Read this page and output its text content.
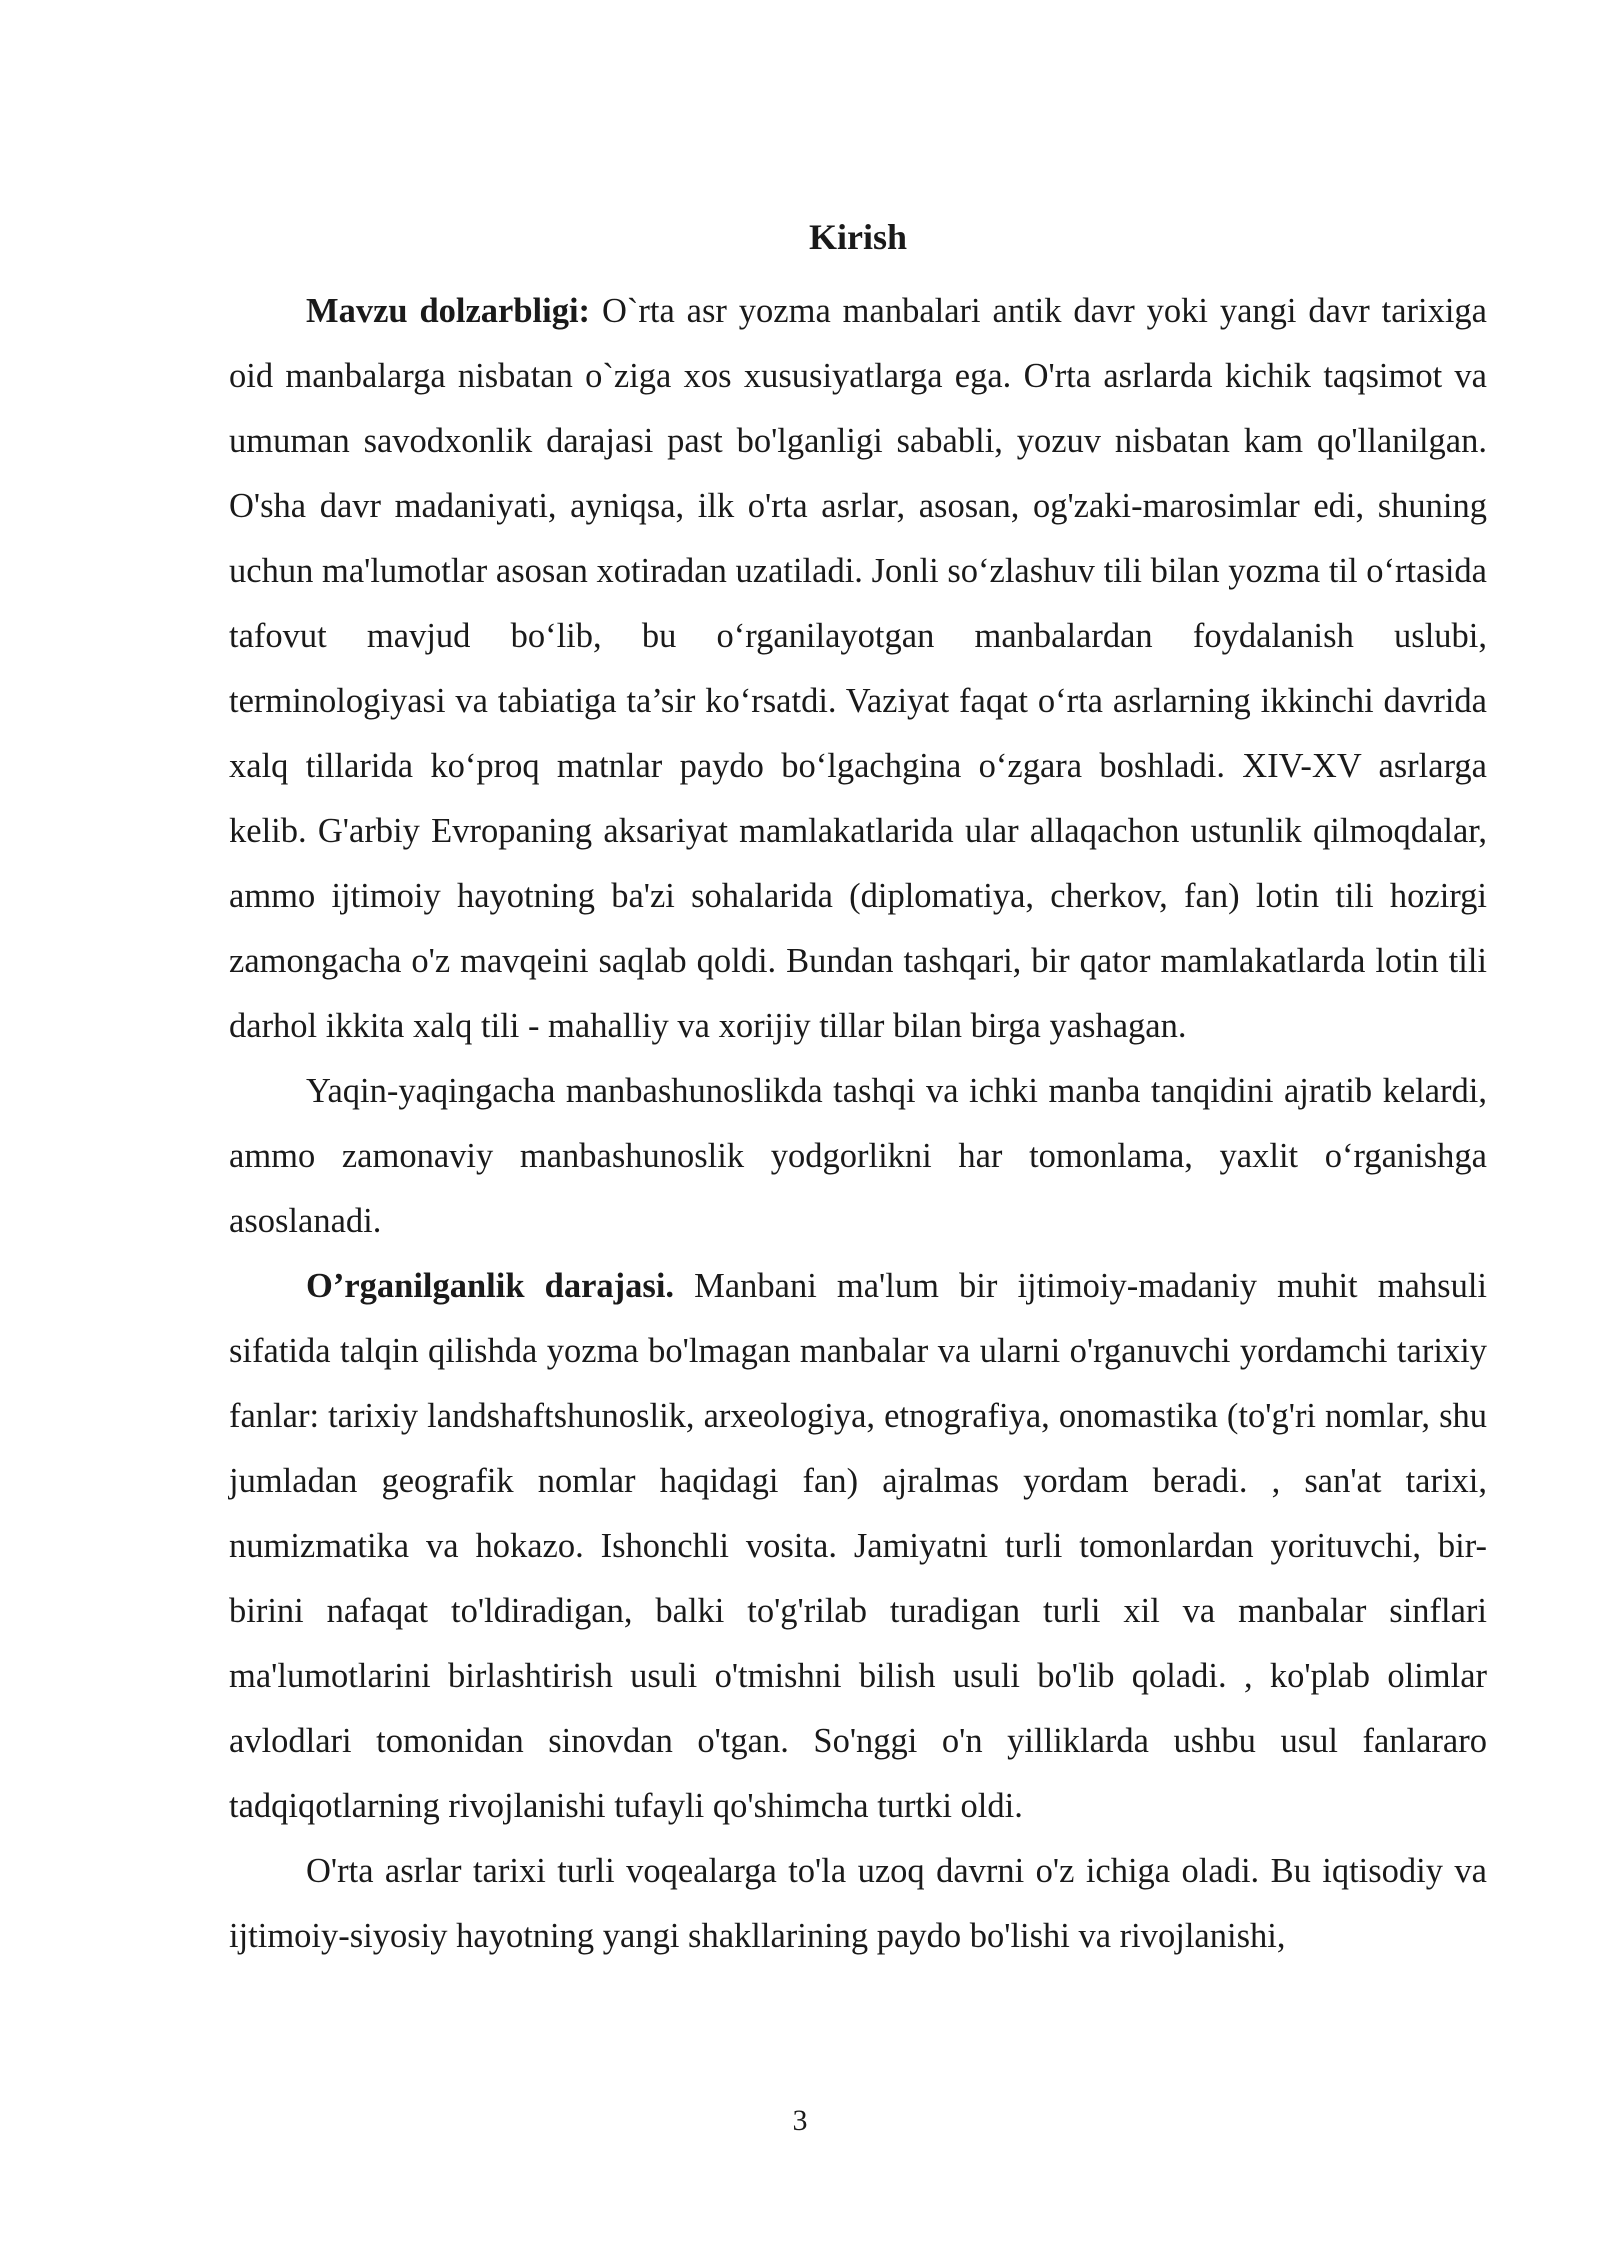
Kirish

Mavzu dolzarbligi: O`rta asr yozma manbalari antik davr yoki yangi davr tarixiga oid manbalarga nisbatan o`ziga xos xususiyatlarga ega. O'rta asrlarda kichik taqsimot va umuman savodxonlik darajasi past bo'lganligi sababli, yozuv nisbatan kam qo'llanilgan. O'sha davr madaniyati, ayniqsa, ilk o'rta asrlar, asosan, og'zaki-marosimlar edi, shuning uchun ma'lumotlar asosan xotiradan uzatiladi. Jonli so‘zlashuv tili bilan yozma til o‘rtasida tafovut mavjud bo‘lib, bu o‘rganilayotgan manbalardan foydalanish uslubi, terminologiyasi va tabiatiga ta’sir ko‘rsatdi. Vaziyat faqat o‘rta asrlarning ikkinchi davrida xalq tillarida ko‘proq matnlar paydo bo‘lgachgina o‘zgara boshladi. XIV-XV asrlarga kelib. G'arbiy Evropaning aksariyat mamlakatlarida ular allaqachon ustunlik qilmoqdalar, ammo ijtimoiy hayotning ba'zi sohalarida (diplomatiya, cherkov, fan) lotin tili hozirgi zamongacha o'z mavqeini saqlab qoldi. Bundan tashqari, bir qator mamlakatlarda lotin tili darhol ikkita xalq tili - mahalliy va xorijiy tillar bilan birga yashagan.

Yaqin-yaqingacha manbashunoslikda tashqi va ichki manba tanqidini ajratib kelardi, ammo zamonaviy manbashunoslik yodgorlikni har tomonlama, yaxlit o‘rganishga asoslanadi.

O’rganilganlik darajasi. Manbani ma'lum bir ijtimoiy-madaniy muhit mahsuli sifatida talqin qilishda yozma bo'lmagan manbalar va ularni o'rganuvchi yordamchi tarixiy fanlar: tarixiy landshaftshunoslik, arxeologiya, etnografiya, onomastika (to'g'ri nomlar, shu jumladan geografik nomlar haqidagi fan) ajralmas yordam beradi. , san'at tarixi, numizmatika va hokazo. Ishonchli vosita. Jamiyatni turli tomonlardan yorituvchi, bir-birini nafaqat to'ldiradigan, balki to'g'rilab turadigan turli xil va manbalar sinflari ma'lumotlarini birlashtirish usuli o'tmishni bilish usuli bo'lib qoladi. , ko'plab olimlar avlodlari tomonidan sinovdan o'tgan. So'nggi o'n yilliklarda ushbu usul fanlararo tadqiqotlarning rivojlanishi tufayli qo'shimcha turtki oldi.

O'rta asrlar tarixi turli voqealarga to'la uzoq davrni o'z ichiga oladi. Bu iqtisodiy va ijtimoiy-siyosiy hayotning yangi shakllarining paydo bo'lishi va rivojlanishi,

3
